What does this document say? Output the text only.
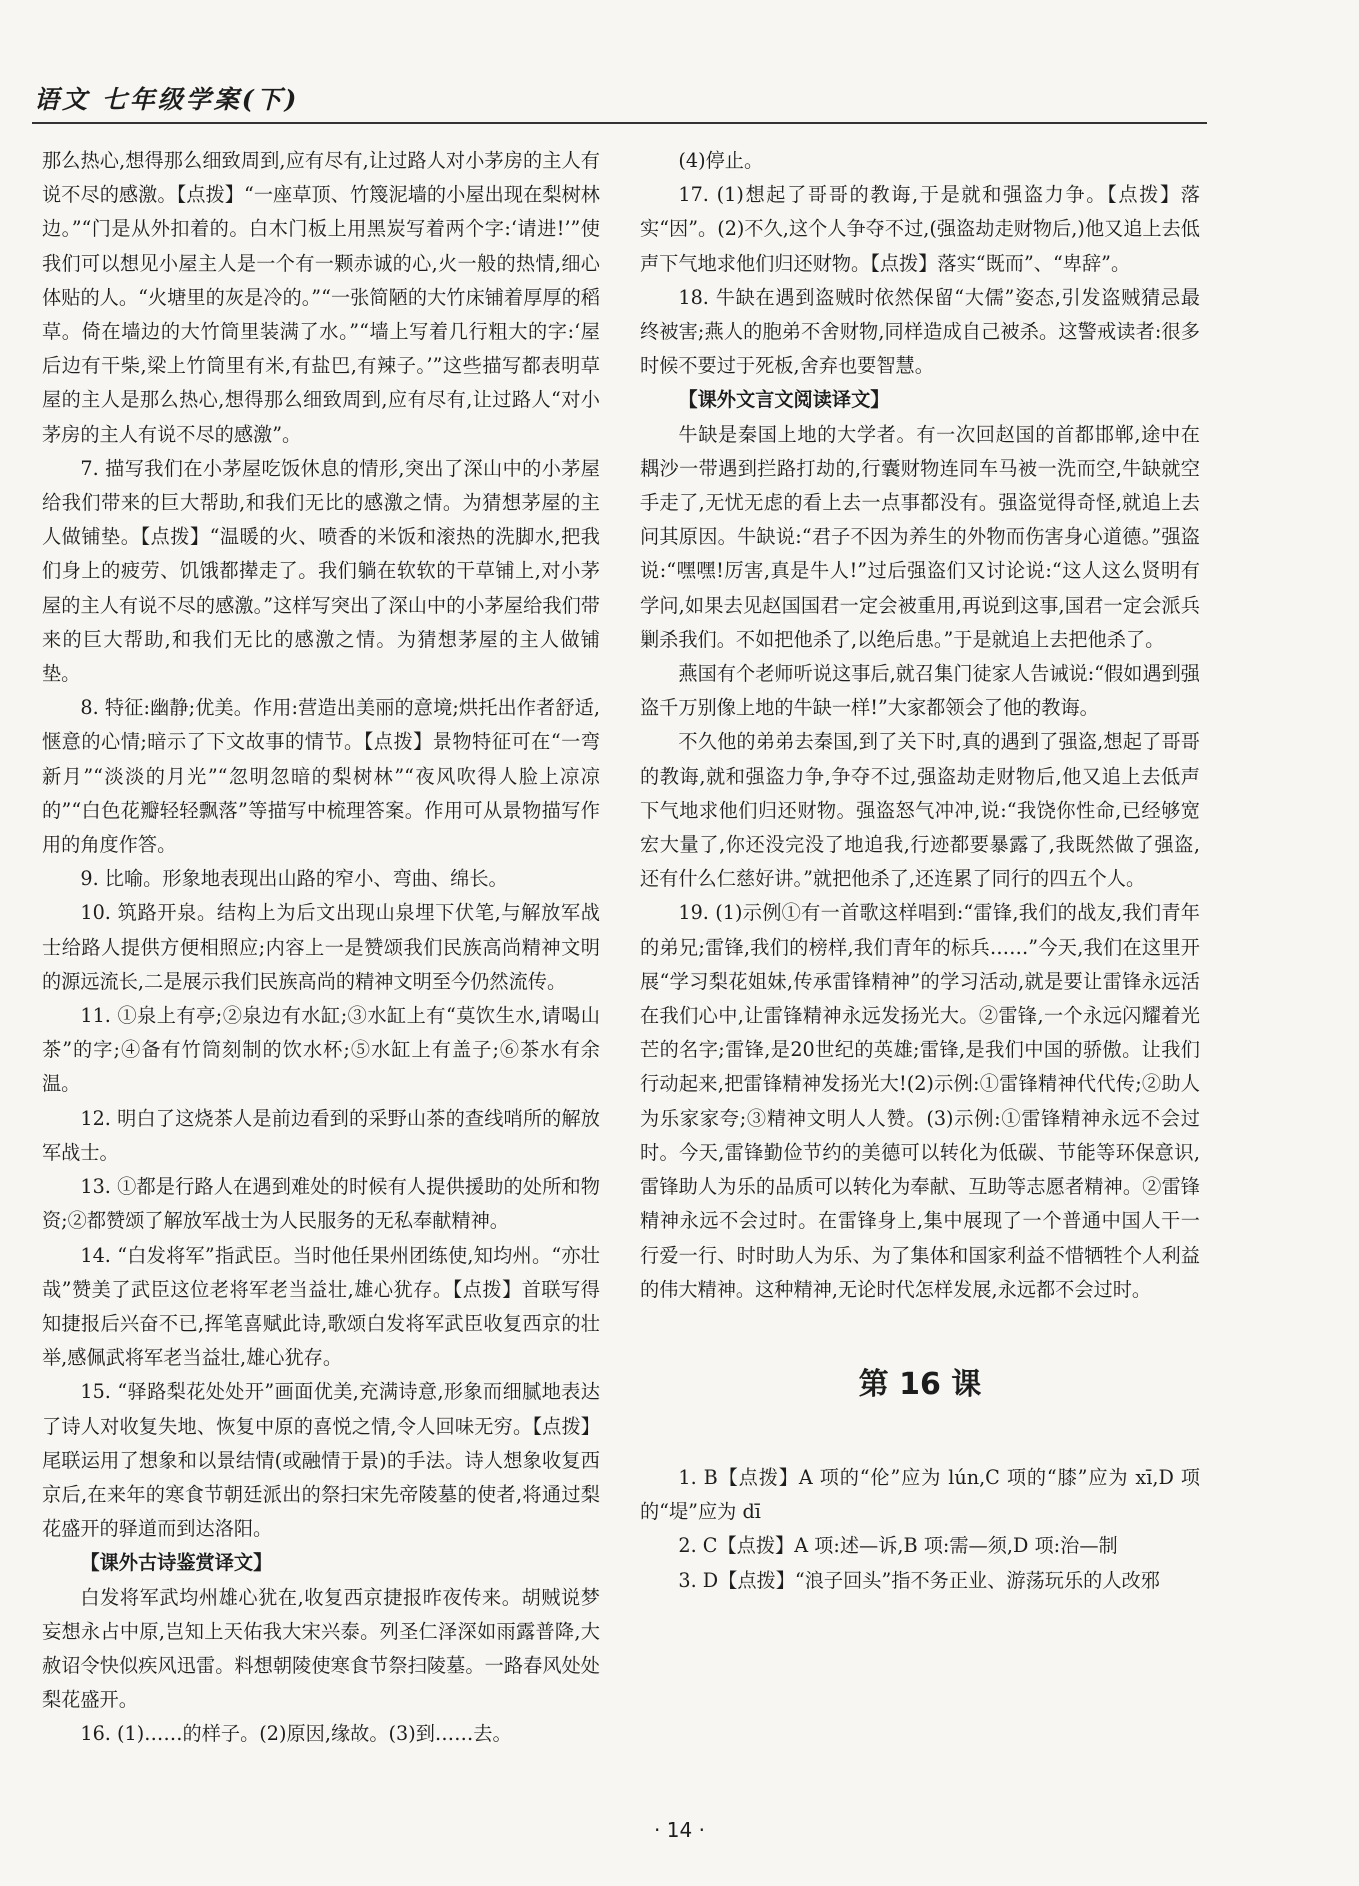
语文 七年级学案(下)

那么热心,想得那么细致周到,应有尽有,让过路人对小茅房的主人有说不尽的感激。【点拨】“一座草顶、竹篾泥墙的小屋出现在梨树林边。”“门是从外扣着的。白木门板上用黑炭写着两个字:‘请进!’”使我们可以想见小屋主人是一个有一颗赤诚的心,火一般的热情,细心体贴的人。“火塘里的灰是冷的。”“一张简陋的大竹床铺着厚厚的稻草。倚在墙边的大竹筒里装满了水。”“墙上写着几行粗大的字:‘屋后边有干柴,梁上竹筒里有米,有盐巴,有辣子。’”这些描写都表明草屋的主人是那么热心,想得那么细致周到,应有尽有,让过路人“对小茅房的主人有说不尽的感激”。

7. 描写我们在小茅屋吃饭休息的情形,突出了深山中的小茅屋给我们带来的巨大帮助,和我们无比的感激之情。为猜想茅屋的主人做铺垫。【点拨】“温暖的火、喷香的米饭和滚热的洗脚水,把我们身上的疲劳、饥饿都撵走了。我们躺在软软的干草铺上,对小茅屋的主人有说不尽的感激。”这样写突出了深山中的小茅屋给我们带来的巨大帮助,和我们无比的感激之情。为猜想茅屋的主人做铺垫。

8. 特征:幽静;优美。作用:营造出美丽的意境;烘托出作者舒适,惬意的心情;暗示了下文故事的情节。【点拨】景物特征可在“一弯新月”“淡淡的月光”“忽明忽暗的梨树林”“夜风吹得人脸上凉凉的”“白色花瓣轻轻飘落”等描写中梳理答案。作用可从景物描写作用的角度作答。

9. 比喻。形象地表现出山路的窄小、弯曲、绵长。

10. 筑路开泉。结构上为后文出现山泉埋下伏笔,与解放军战士给路人提供方便相照应;内容上一是赞颂我们民族高尚精神文明的源远流长,二是展示我们民族高尚的精神文明至今仍然流传。

11. ①泉上有亭;②泉边有水缸;③水缸上有“莫饮生水,请喝山茶”的字;④备有竹筒刻制的饮水杯;⑤水缸上有盖子;⑥茶水有余温。

12. 明白了这烧茶人是前边看到的采野山茶的查线哨所的解放军战士。

13. ①都是行路人在遇到难处的时候有人提供援助的处所和物资;②都赞颂了解放军战士为人民服务的无私奉献精神。

14. “白发将军”指武臣。当时他任果州团练使,知均州。“亦壮哉”赞美了武臣这位老将军老当益壮,雄心犹存。【点拨】首联写得知捷报后兴奋不已,挥笔喜赋此诗,歌颂白发将军武臣收复西京的壮举,感佩武将军老当益壮,雄心犹存。

15. “驿路梨花处处开”画面优美,充满诗意,形象而细腻地表达了诗人对收复失地、恢复中原的喜悦之情,令人回味无穷。【点拨】尾联运用了想象和以景结情(或融情于景)的手法。诗人想象收复西京后,在来年的寒食节朝廷派出的祭扫宋先帝陵墓的使者,将通过梨花盛开的驿道而到达洛阳。

【课外古诗鉴赏译文】

白发将军武均州雄心犹在,收复西京捷报昨夜传来。胡贼说梦妄想永占中原,岂知上天佑我大宋兴泰。列圣仁泽深如雨露普降,大赦诏令快似疾风迅雷。料想朝陵使寒食节祭扫陵墓。一路春风处处梨花盛开。

16. (1)……的样子。(2)原因,缘故。(3)到……去。

(4)停止。

17. (1)想起了哥哥的教诲,于是就和强盗力争。【点拨】落实“因”。(2)不久,这个人争夺不过,(强盗劫走财物后,)他又追上去低声下气地求他们归还财物。【点拨】落实“既而”、“卑辞”。

18. 牛缺在遇到盗贼时依然保留“大儒”姿态,引发盗贼猜忌最终被害;燕人的胞弟不舍财物,同样造成自己被杀。这警戒读者:很多时候不要过于死板,舍弃也要智慧。

【课外文言文阅读译文】

牛缺是秦国上地的大学者。有一次回赵国的首都邯郸,途中在耦沙一带遇到拦路打劫的,行囊财物连同车马被一洗而空,牛缺就空手走了,无忧无虑的看上去一点事都没有。强盗觉得奇怪,就追上去问其原因。牛缺说:“君子不因为养生的外物而伤害身心道德。”强盗说:“嘿嘿!厉害,真是牛人!”过后强盗们又讨论说:“这人这么贤明有学问,如果去见赵国国君一定会被重用,再说到这事,国君一定会派兵剿杀我们。不如把他杀了,以绝后患。”于是就追上去把他杀了。

燕国有个老师听说这事后,就召集门徒家人告诫说:“假如遇到强盗千万别像上地的牛缺一样!”大家都领会了他的教诲。

不久他的弟弟去秦国,到了关下时,真的遇到了强盗,想起了哥哥的教诲,就和强盗力争,争夺不过,强盗劫走财物后,他又追上去低声下气地求他们归还财物。强盗怒气冲冲,说:“我饶你性命,已经够宽宏大量了,你还没完没了地追我,行迹都要暴露了,我既然做了强盗,还有什么仁慈好讲。”就把他杀了,还连累了同行的四五个人。

19. (1)示例①有一首歌这样唱到:“雷锋,我们的战友,我们青年的弟兄;雷锋,我们的榜样,我们青年的标兵……”今天,我们在这里开展“学习梨花姐妹,传承雷锋精神”的学习活动,就是要让雷锋永远活在我们心中,让雷锋精神永远发扬光大。②雷锋,一个永远闪耀着光芒的名字;雷锋,是20世纪的英雄;雷锋,是我们中国的骄傲。让我们行动起来,把雷锋精神发扬光大!(2)示例:①雷锋精神代代传;②助人为乐家家夸;③精神文明人人赞。(3)示例:①雷锋精神永远不会过时。今天,雷锋勤俭节约的美德可以转化为低碳、节能等环保意识,雷锋助人为乐的品质可以转化为奉献、互助等志愿者精神。②雷锋精神永远不会过时。在雷锋身上,集中展现了一个普通中国人干一行爱一行、时时助人为乐、为了集体和国家利益不惜牺牲个人利益的伟大精神。这种精神,无论时代怎样发展,永远都不会过时。

第 16 课

1. B【点拨】A 项的“伦”应为 lún,C 项的“膝”应为 xī,D 项的“堤”应为 dī

2. C【点拨】A 项:述—诉,B 项:需—须,D 项:治—制

3. D【点拨】“浪子回头”指不务正业、游荡玩乐的人改邪

· 14 ·
